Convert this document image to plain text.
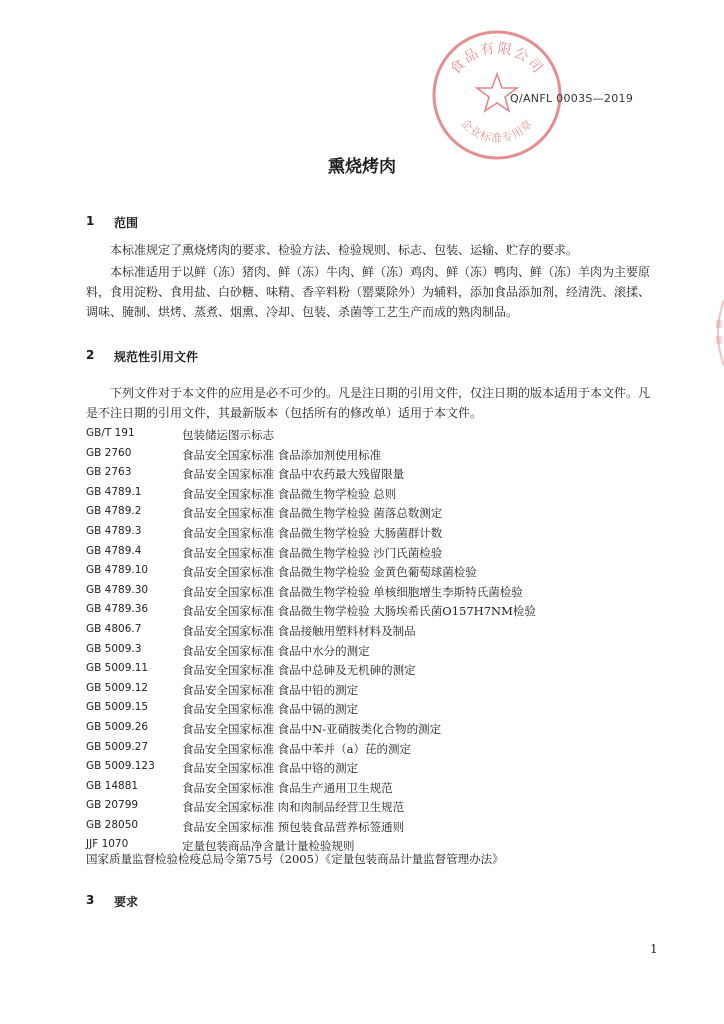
食品有限公司
企业标准专用章
Q/ANFL 0003S—2019
熏烧烤肉
1	范围

本标准规定了熏烧烤肉的要求、检验方法、检验规则、标志、包装、运输、贮存的要求。

本标准适用于以鲜（冻）猪肉、鲜（冻）牛肉、鲜（冻）鸡肉、鲜（冻）鸭肉、鲜（冻）羊肉为主要原料，食用淀粉、食用盐、白砂糖、味精、香辛料粉（罂粟除外）为辅料，添加食品添加剂，经清洗、滚揉、调味、腌制、烘烤、蒸煮、烟熏、冷却、包装、杀菌等工艺生产而成的熟肉制品。

2	规范性引用文件

下列文件对于本文件的应用是必不可少的。凡是注日期的引用文件，仅注日期的版本适用于本文件。凡是不注日期的引用文件，其最新版本（包括所有的修改单）适用于本文件。

GB/T 191	包装储运图示标志
GB 2760	食品安全国家标准 食品添加剂使用标准
GB 2763	食品安全国家标准 食品中农药最大残留限量
GB 4789.1	食品安全国家标准 食品微生物学检验 总则
GB 4789.2	食品安全国家标准 食品微生物学检验 菌落总数测定
GB 4789.3	食品安全国家标准 食品微生物学检验 大肠菌群计数
GB 4789.4	食品安全国家标准 食品微生物学检验 沙门氏菌检验
GB 4789.10	食品安全国家标准 食品微生物学检验 金黄色葡萄球菌检验
GB 4789.30	食品安全国家标准 食品微生物学检验 单核细胞增生李斯特氏菌检验
GB 4789.36	食品安全国家标准 食品微生物学检验 大肠埃希氏菌O157H7NM检验
GB 4806.7	食品安全国家标准 食品接触用塑料材料及制品
GB 5009.3	食品安全国家标准 食品中水分的测定
GB 5009.11	食品安全国家标准 食品中总砷及无机砷的测定
GB 5009.12	食品安全国家标准 食品中铅的测定
GB 5009.15	食品安全国家标准 食品中镉的测定
GB 5009.26	食品安全国家标准 食品中N-亚硝胺类化合物的测定
GB 5009.27	食品安全国家标准 食品中苯并（a）芘的测定
GB 5009.123	食品安全国家标准 食品中铬的测定
GB 14881	食品安全国家标准 食品生产通用卫生规范
GB 20799	食品安全国家标准 肉和肉制品经营卫生规范
GB 28050	食品安全国家标准 预包装食品营养标签通则
JJF 1070	定量包装商品净含量计量检验规则
国家质量监督检验检疫总局令第75号（2005）《定量包装商品计量监督管理办法》
3	要求
1
